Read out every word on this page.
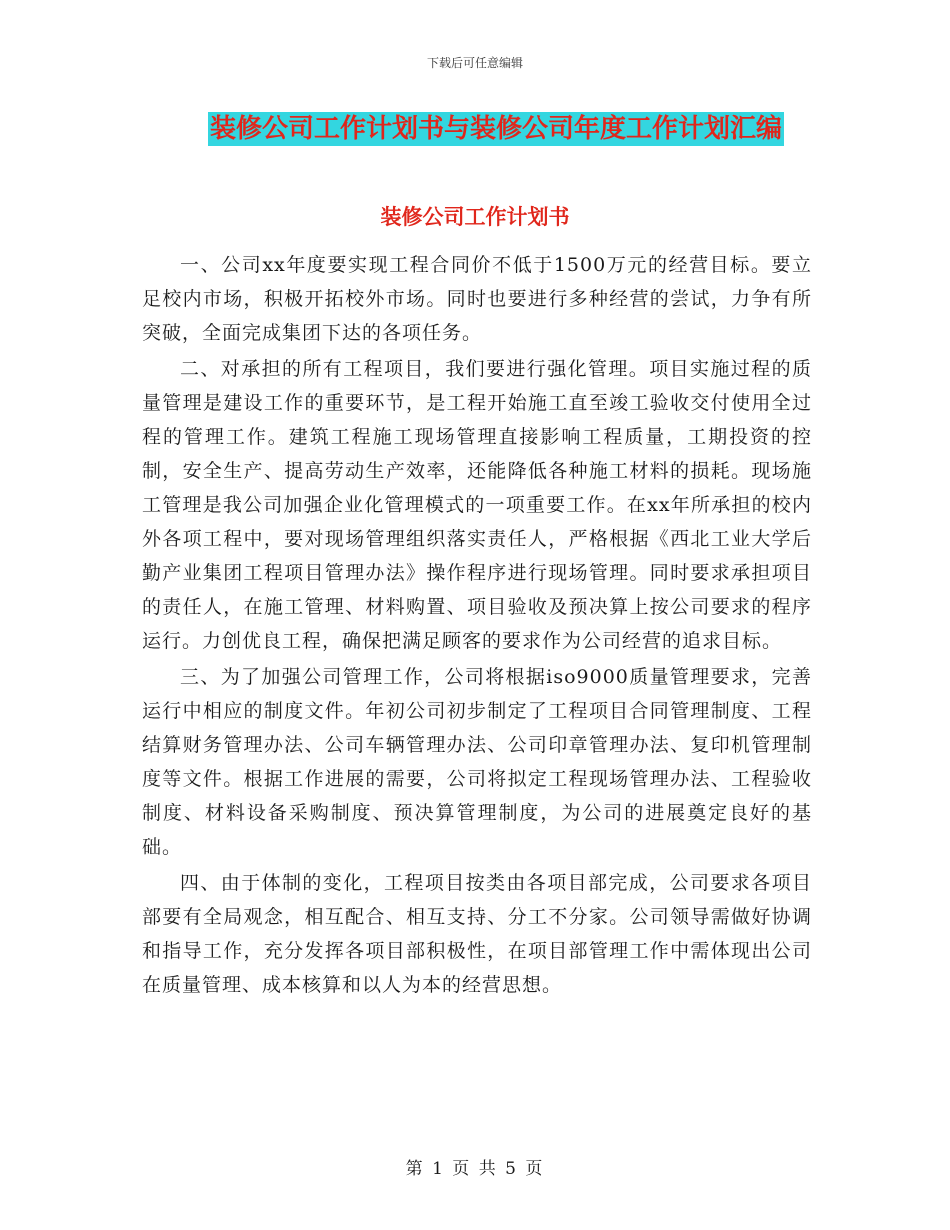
下载后可任意编辑
装修公司工作计划书与装修公司年度工作计划汇编
装修公司工作计划书

一、公司xx年度要实现工程合同价不低于1500万元的经营目标。要立足校内市场，积极开拓校外市场。同时也要进行多种经营的尝试，力争有所突破，全面完成集团下达的各项任务。

二、对承担的所有工程项目，我们要进行强化管理。项目实施过程的质量管理是建设工作的重要环节，是工程开始施工直至竣工验收交付使用全过程的管理工作。建筑工程施工现场管理直接影响工程质量，工期投资的控制，安全生产、提高劳动生产效率，还能降低各种施工材料的损耗。现场施工管理是我公司加强企业化管理模式的一项重要工作。在xx年所承担的校内外各项工程中，要对现场管理组织落实责任人，严格根据《西北工业大学后勤产业集团工程项目管理办法》操作程序进行现场管理。同时要求承担项目的责任人，在施工管理、材料购置、项目验收及预决算上按公司要求的程序运行。力创优良工程，确保把满足顾客的要求作为公司经营的追求目标。

三、为了加强公司管理工作，公司将根据iso9000质量管理要求，完善运行中相应的制度文件。年初公司初步制定了工程项目合同管理制度、工程结算财务管理办法、公司车辆管理办法、公司印章管理办法、复印机管理制度等文件。根据工作进展的需要，公司将拟定工程现场管理办法、工程验收制度、材料设备采购制度、预决算管理制度，为公司的进展奠定良好的基础。

四、由于体制的变化，工程项目按类由各项目部完成，公司要求各项目部要有全局观念，相互配合、相互支持、分工不分家。公司领导需做好协调和指导工作，充分发挥各项目部积极性，在项目部管理工作中需体现出公司在质量管理、成本核算和以人为本的经营思想。

第 1 页 共 5 页
